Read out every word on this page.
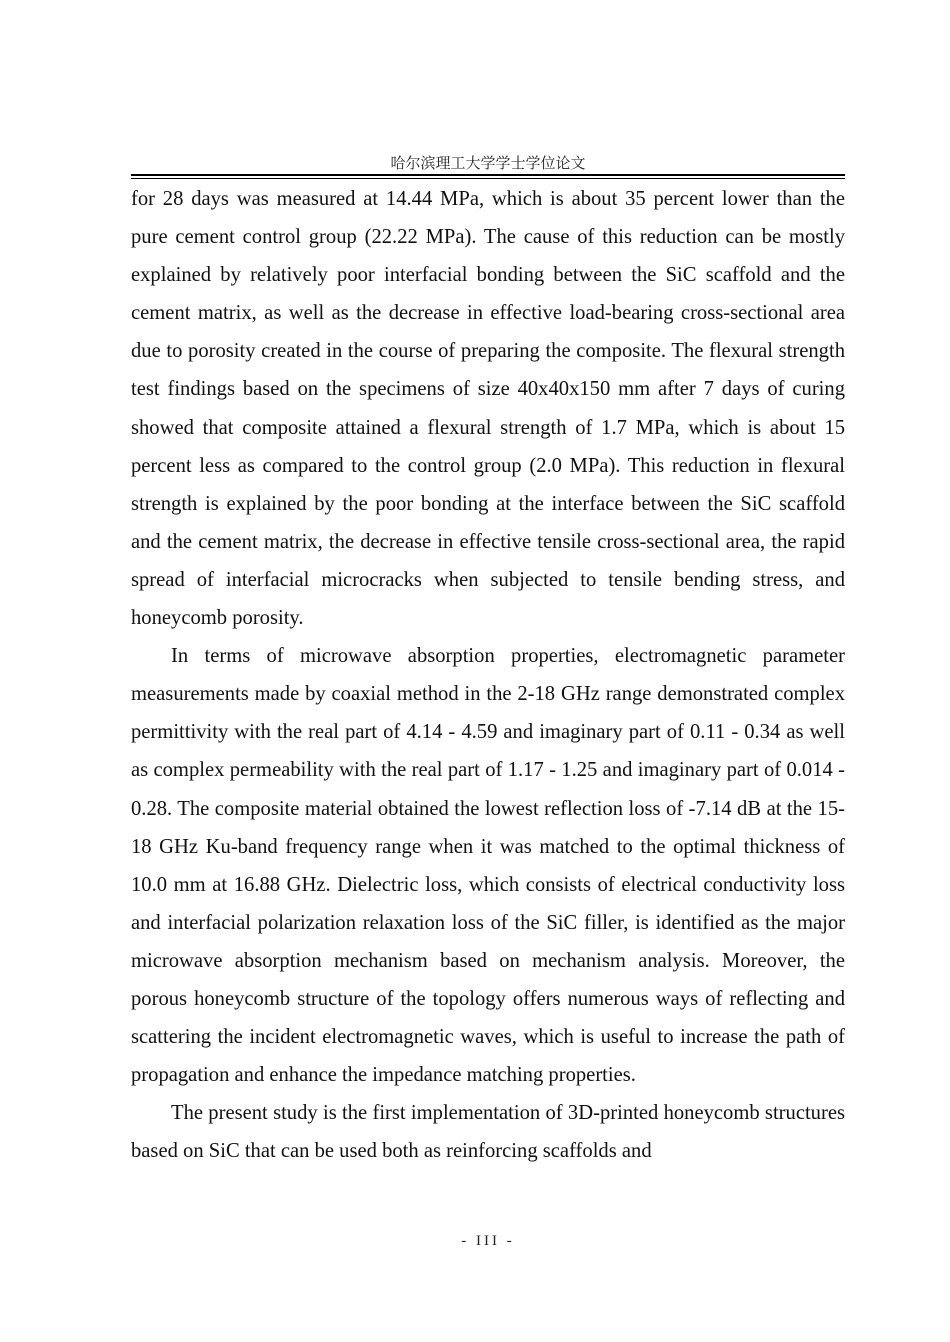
哈尔滨理工大学学士学位论文

for 28 days was measured at 14.44 MPa, which is about 35 percent lower than the pure cement control group (22.22 MPa). The cause of this reduction can be mostly explained by relatively poor interfacial bonding between the SiC scaffold and the cement matrix, as well as the decrease in effective load-bearing cross-sectional area due to porosity created in the course of preparing the composite. The flexural strength test findings based on the specimens of size 40x40x150 mm after 7 days of curing showed that composite attained a flexural strength of 1.7 MPa, which is about 15 percent less as compared to the control group (2.0 MPa). This reduction in flexural strength is explained by the poor bonding at the interface between the SiC scaffold and the cement matrix, the decrease in effective tensile cross-sectional area, the rapid spread of interfacial microcracks when subjected to tensile bending stress, and honeycomb porosity.

In terms of microwave absorption properties, electromagnetic parameter measurements made by coaxial method in the 2-18 GHz range demonstrated complex permittivity with the real part of 4.14 - 4.59 and imaginary part of 0.11 - 0.34 as well as complex permeability with the real part of 1.17 - 1.25 and imaginary part of 0.014 - 0.28. The composite material obtained the lowest reflection loss of -7.14 dB at the 15-18 GHz Ku-band frequency range when it was matched to the optimal thickness of 10.0 mm at 16.88 GHz. Dielectric loss, which consists of electrical conductivity loss and interfacial polarization relaxation loss of the SiC filler, is identified as the major microwave absorption mechanism based on mechanism analysis. Moreover, the porous honeycomb structure of the topology offers numerous ways of reflecting and scattering the incident electromagnetic waves, which is useful to increase the path of propagation and enhance the impedance matching properties.

The present study is the first implementation of 3D-printed honeycomb structures based on SiC that can be used both as reinforcing scaffolds and

- III -
